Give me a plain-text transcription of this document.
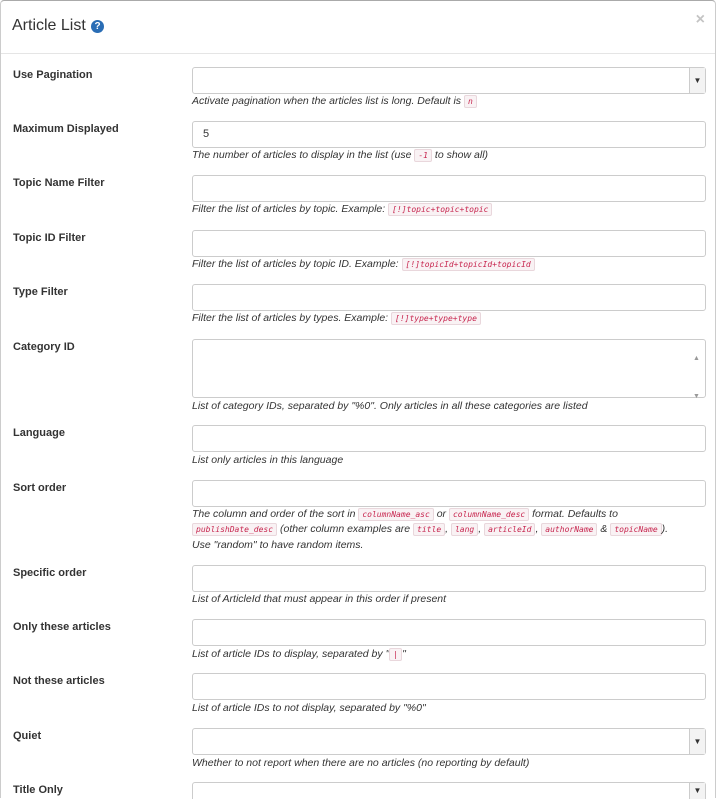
Article List ?	×
Use Pagination	▼
Activate pagination when the articles list is long. Default is n
Maximum Displayed	5
The number of articles to display in the list (use -1 to show all)
Topic Name Filter
Filter the list of articles by topic. Example: [!]topic+topic+topic
Topic ID Filter
Filter the list of articles by topic ID. Example: [!]topicId+topicId+topicId
Type Filter
Filter the list of articles by types. Example: [!]type+type+type
Category ID
▲
▼
List of category IDs, separated by "%0". Only articles in all these categories are listed
Language
List only articles in this language
Sort order
The column and order of the sort in columnName_asc or columnName_desc format. Defaults to
publishDate_desc (other column examples are title , lang , articleId , authorName & topicName ).
Use "random" to have random items.
Specific order
List of ArticleId that must appear in this order if present
Only these articles
List of article IDs to display, separated by " | "
Not these articles
List of article IDs to not display, separated by "%0"
Quiet	▼
Whether to not report when there are no articles (no reporting by default)
Title Only	▼
